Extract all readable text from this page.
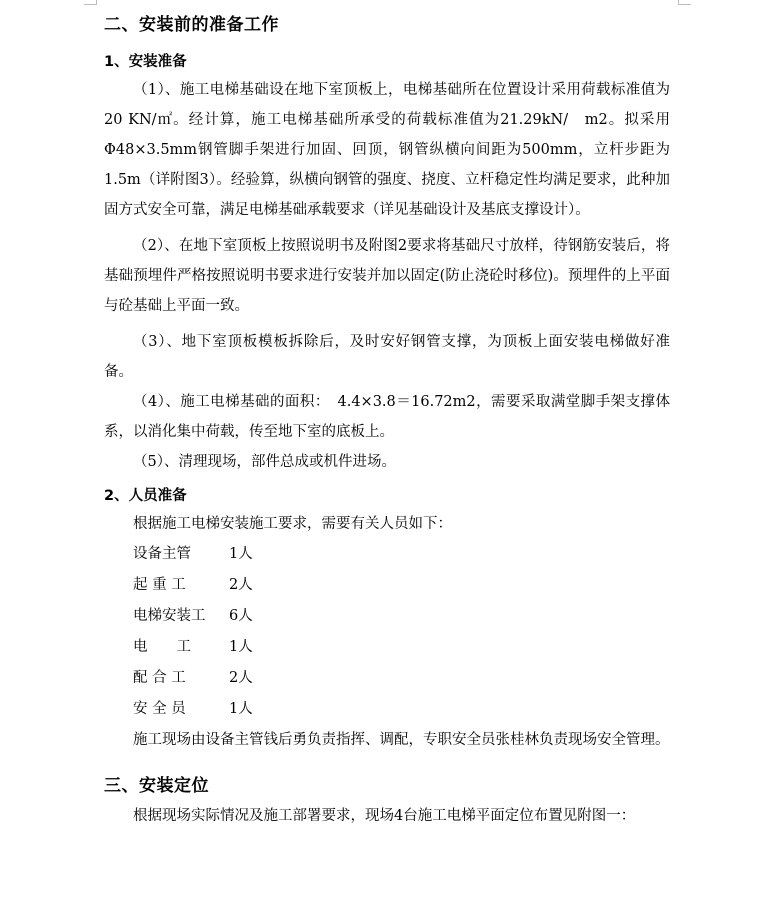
二、安装前的准备工作
1、安装准备

（1）、施工电梯基础设在地下室顶板上，电梯基础所在位置设计采用荷载标准值为20 KN/㎡。经计算，施工电梯基础所承受的荷载标准值为21.29kN/　m2。拟采用Φ48×3.5mm钢管脚手架进行加固、回顶，钢管纵横向间距为500mm，立杆步距为1.5m（详附图3）。经验算，纵横向钢管的强度、挠度、立杆稳定性均满足要求，此种加固方式安全可靠，满足电梯基础承载要求（详见基础设计及基底支撑设计）。

（2）、在地下室顶板上按照说明书及附图2要求将基础尺寸放样，待钢筋安装后，将基础预埋件严格按照说明书要求进行安装并加以固定(防止浇砼时移位)。预埋件的上平面与砼基础上平面一致。

（3）、地下室顶板模板拆除后，及时安好钢管支撑，为顶板上面安装电梯做好准备。

（4）、施工电梯基础的面积：　4.4×3.8＝16.72m2，需要采取满堂脚手架支撑体系，以消化集中荷载，传至地下室的底板上。

（5）、清理现场，部件总成或机件进场。

2、人员准备

根据施工电梯安装施工要求，需要有关人员如下：

设备主管	1人
起 重 工	2人
电梯安装工	6人
电　　工	1人
配 合 工	2人
安 全 员	1人

施工现场由设备主管钱后勇负责指挥、调配，专职安全员张桂林负责现场安全管理。

三、安装定位

根据现场实际情况及施工部署要求，现场4台施工电梯平面定位布置见附图一：
